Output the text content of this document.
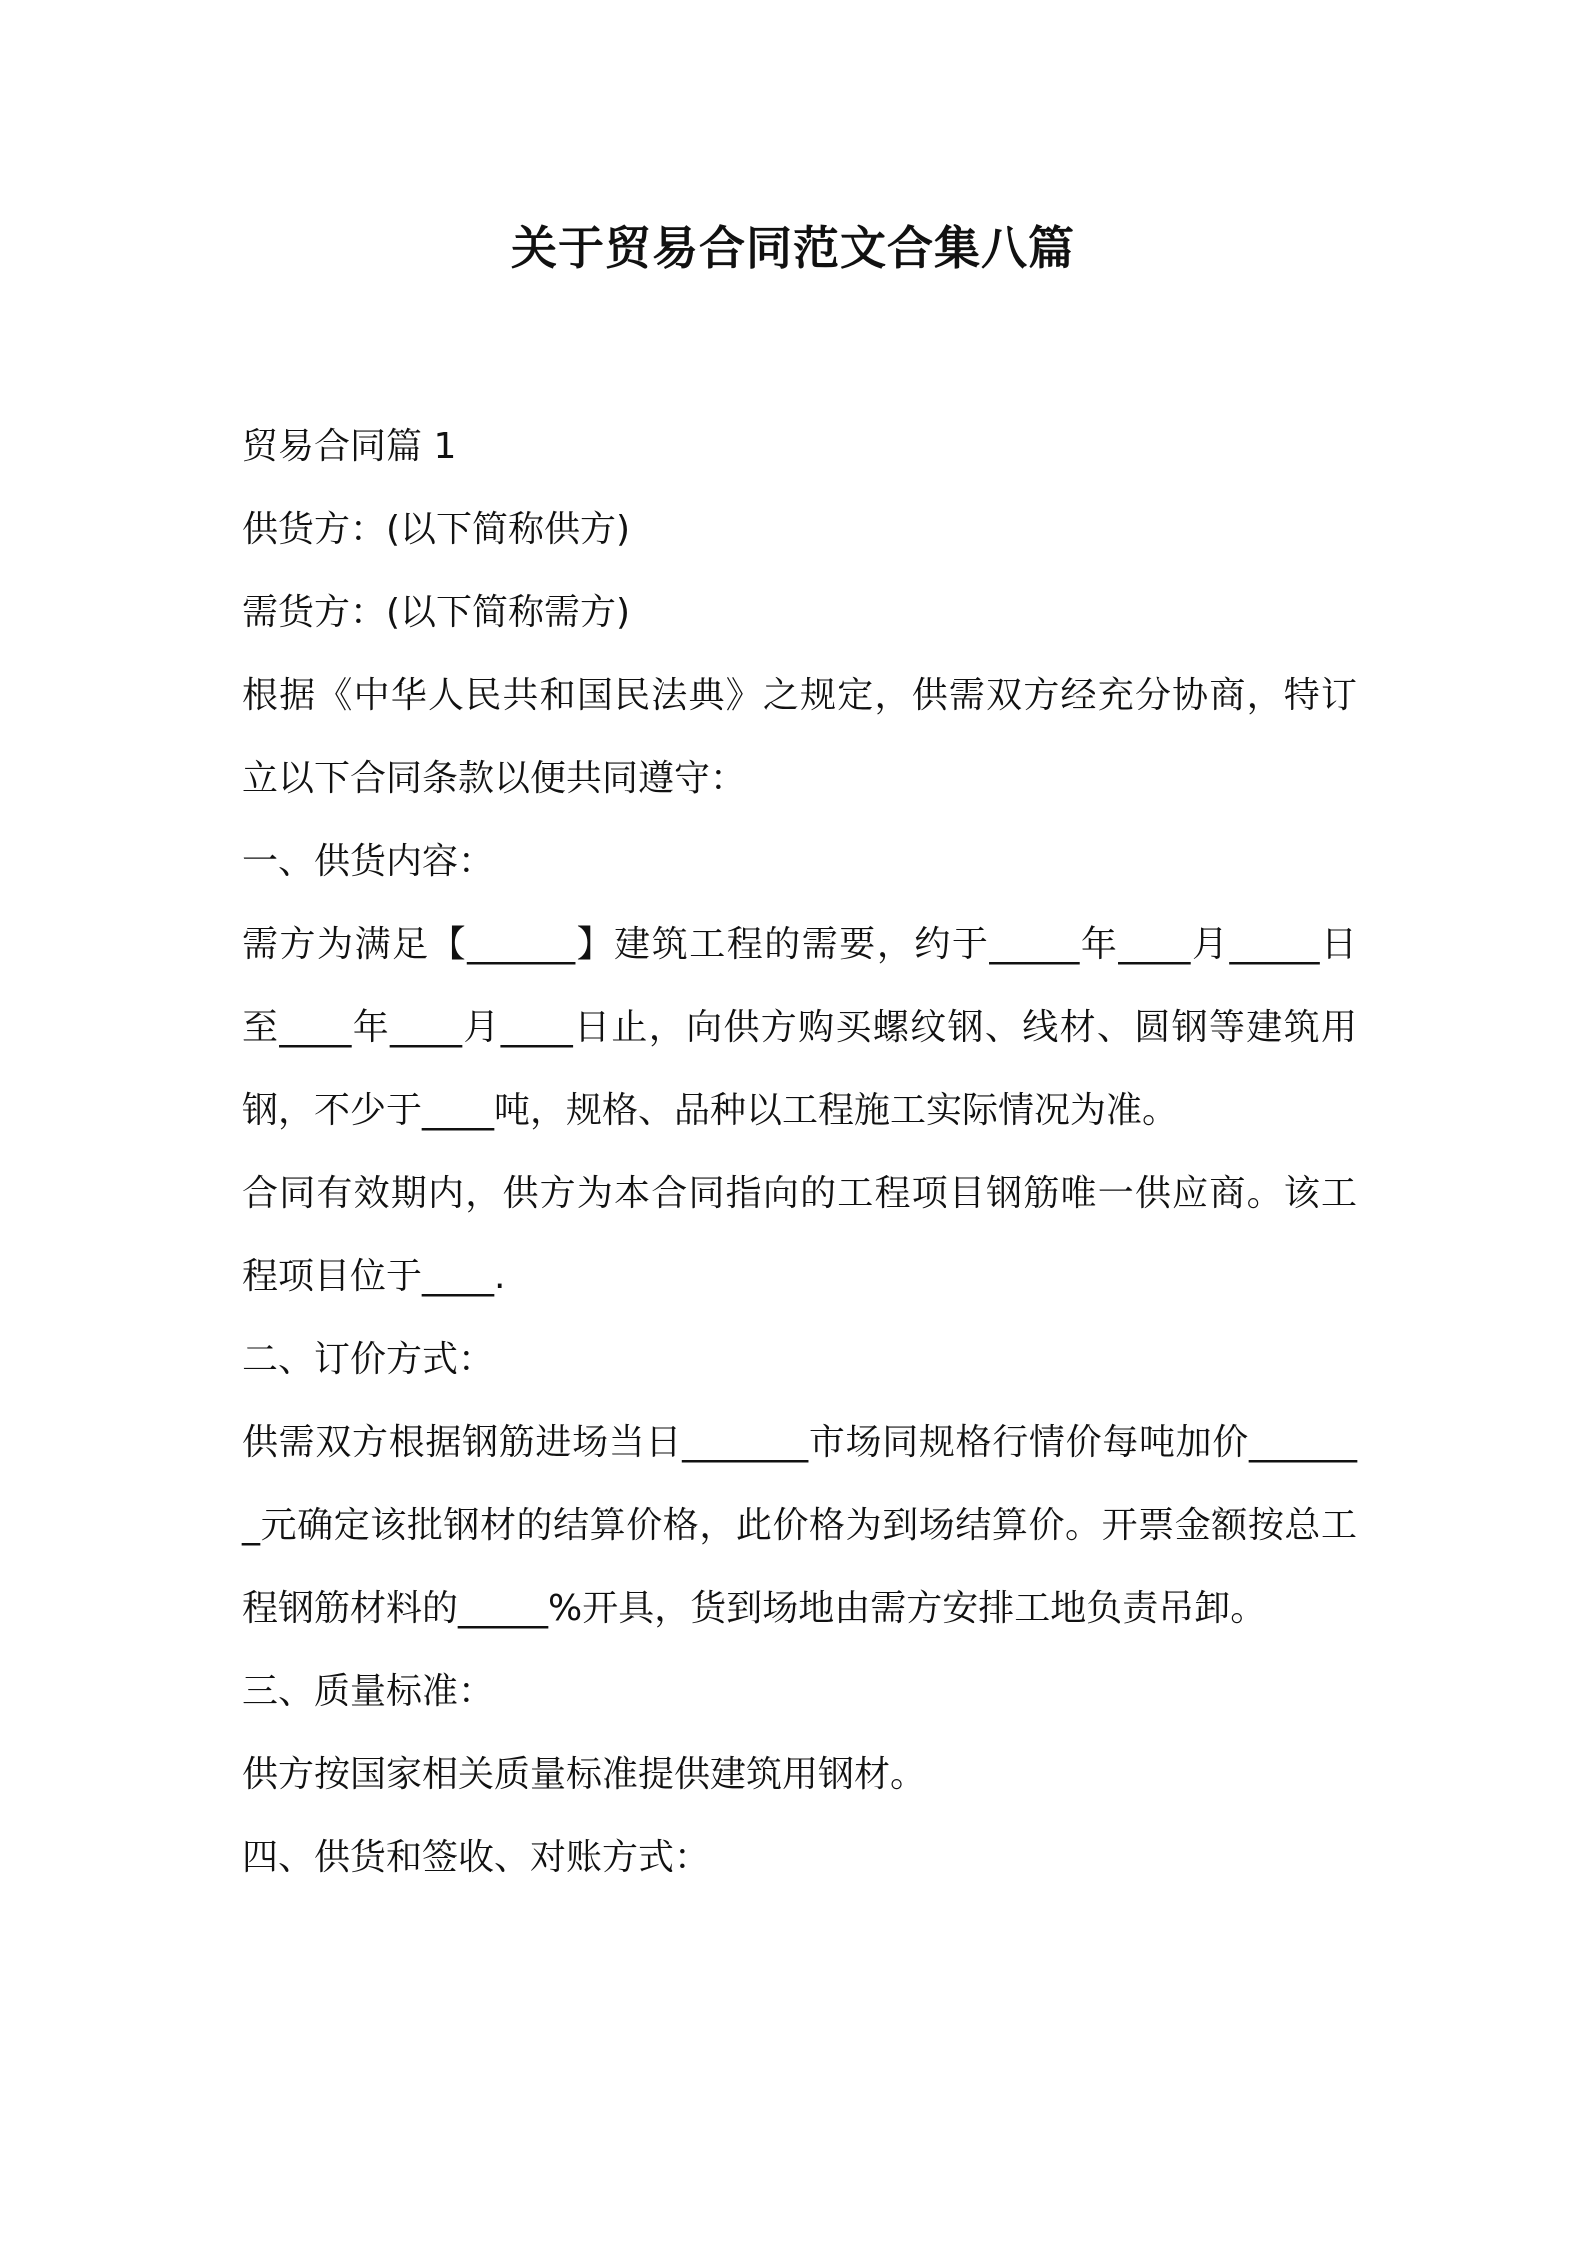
关于贸易合同范文合集八篇

贸易合同篇 1

供货方：(以下简称供方)

需货方：(以下简称需方)

根据《中华人民共和国民法典》之规定，供需双方经充分协商，特订立以下合同条款以便共同遵守：

一、供货内容：

需方为满足【______】建筑工程的需要，约于_____年____月_____日至____年____月____日止，向供方购买螺纹钢、线材、圆钢等建筑用钢，不少于____吨，规格、品种以工程施工实际情况为准。

合同有效期内，供方为本合同指向的工程项目钢筋唯一供应商。该工程项目位于____.

二、订价方式：

供需双方根据钢筋进场当日_______市场同规格行情价每吨加价_______元确定该批钢材的结算价格，此价格为到场结算价。开票金额按总工程钢筋材料的_____%开具，货到场地由需方安排工地负责吊卸。

三、质量标准：

供方按国家相关质量标准提供建筑用钢材。

四、供货和签收、对账方式：
